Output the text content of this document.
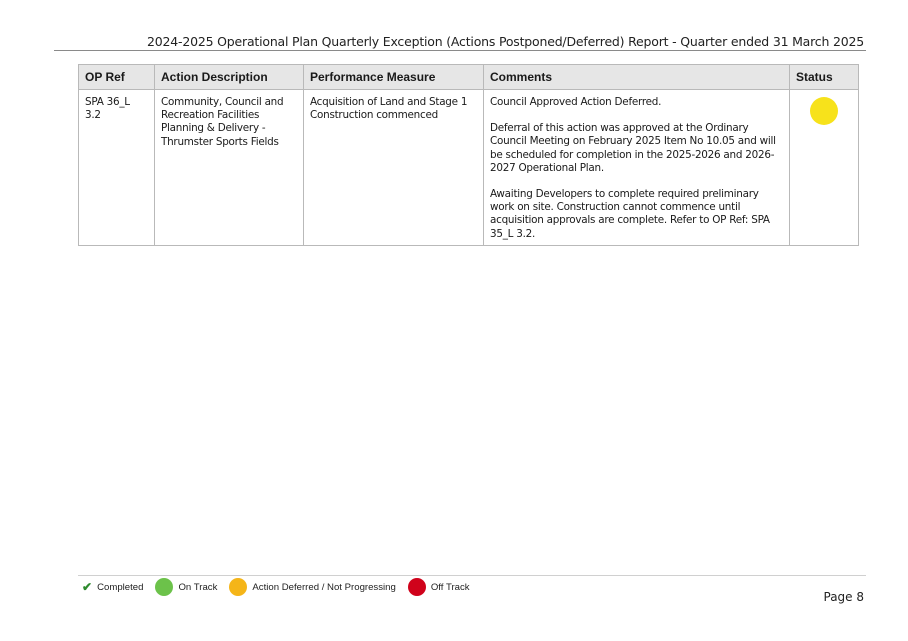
2024-2025 Operational Plan Quarterly Exception (Actions Postponed/Deferred) Report - Quarter ended 31 March 2025
OP Ref	Action Description	Performance Measure	Comments	Status
SPA 36_L 3.2	Community, Council and Recreation Facilities Planning & Delivery - Thrumster Sports Fields	Acquisition of Land and Stage 1 Construction commenced	Council Approved Action Deferred.

Deferral of this action was approved at the Ordinary Council Meeting on February 2025 Item No 10.05 and will be scheduled for completion in the 2025-2026 and 2026-2027 Operational Plan.

Awaiting Developers to complete required preliminary work on site. Construction cannot commence until acquisition approvals are complete. Refer to OP Ref: SPA 35_L 3.2.	

✔ Completed	On Track	Action Deferred / Not Progressing	Off Track
Page 8
